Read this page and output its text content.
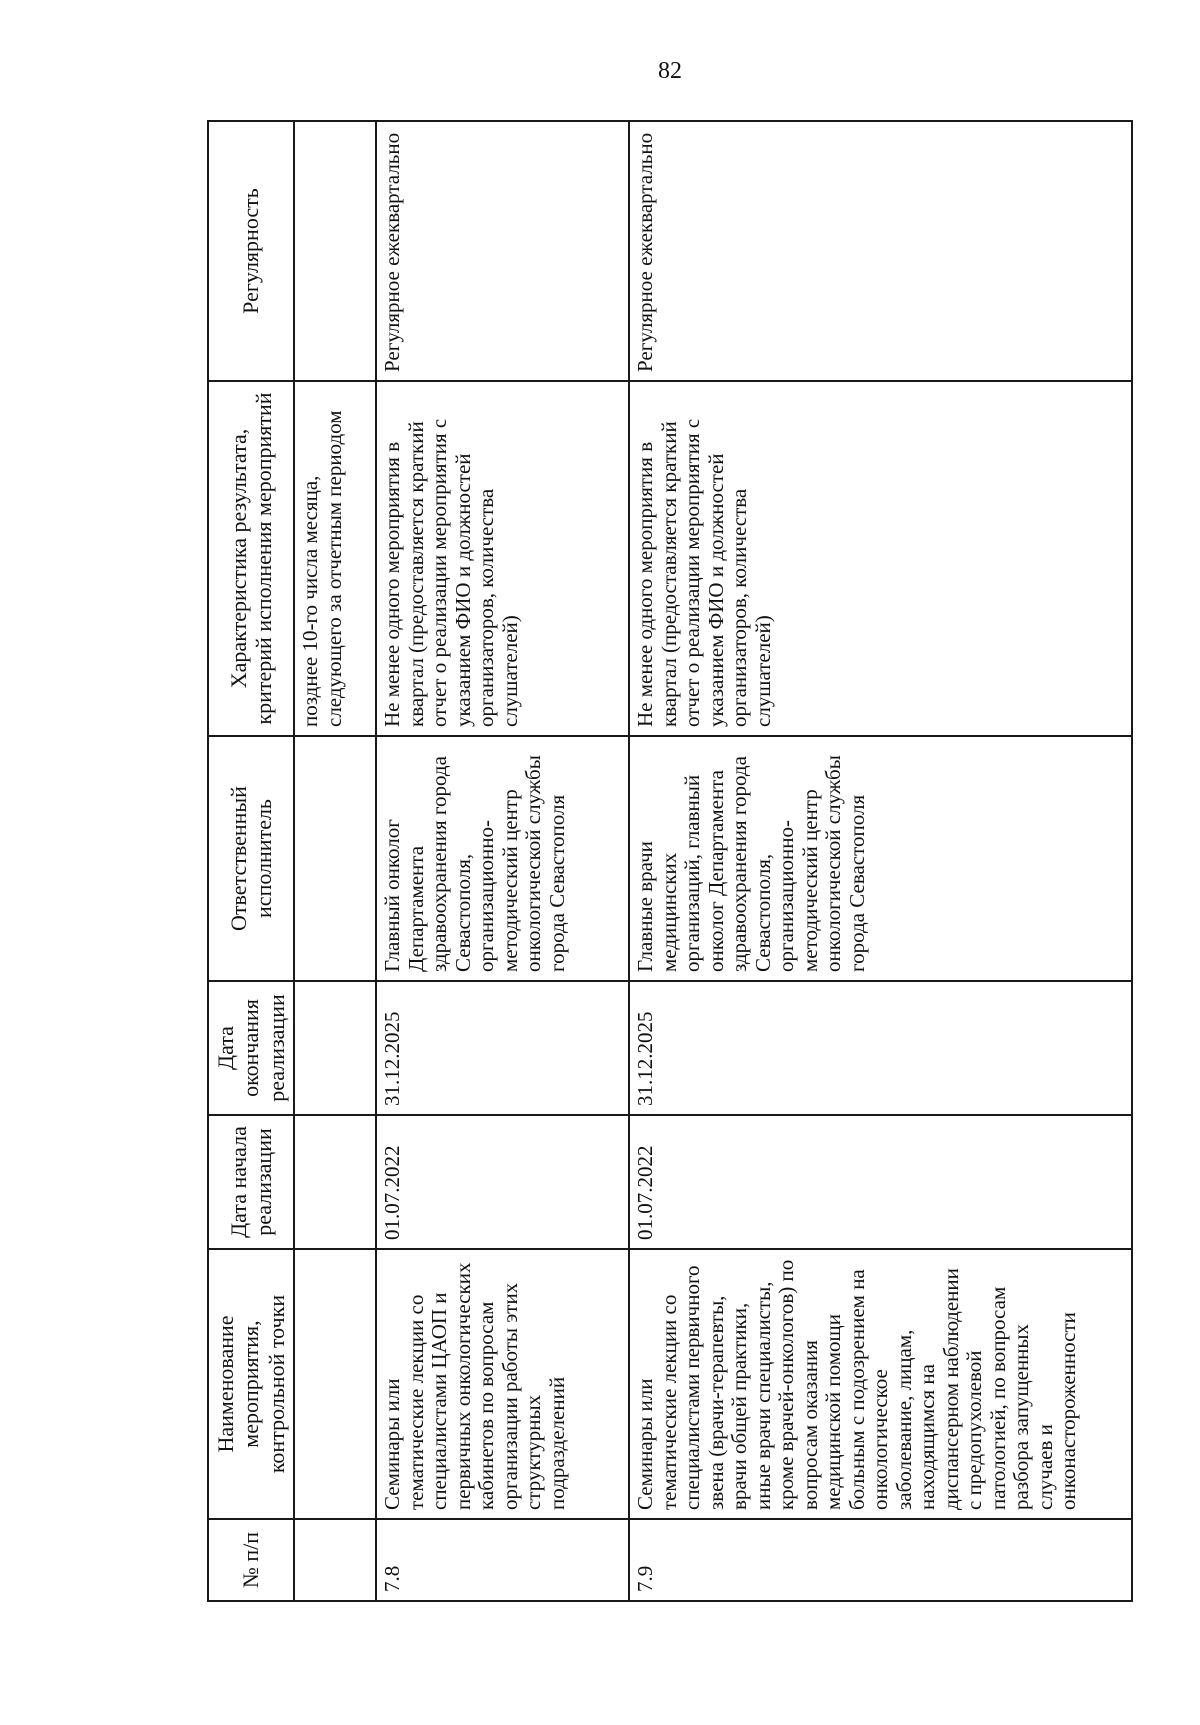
82
№ п/п	Наименование мероприятия, контрольной точки	Дата начала реализации	Дата окончания реализации	Ответственный исполнитель	Характеристика результата, критерий исполнения мероприятий	Регулярность
					позднее 10-го числа месяца, следующего за отчетным периодом	
7.8	Семинары или тематические лекции со специалистами ЦАОП и первичных онкологических кабинетов по вопросам организации работы этих структурных подразделений	01.07.2022	31.12.2025	Главный онколог Департамента здравоохранения города Севастополя, организационно-методический центр онкологической службы города Севастополя	Не менее одного мероприятия в квартал (предоставляется краткий отчет о реализации мероприятия с указанием ФИО и должностей организаторов, количества слушателей)	Регулярное ежеквартально
7.9	Семинары или тематические лекции со специалистами первичного звена (врачи-терапевты, врачи общей практики, иные врачи специалисты, кроме врачей-онкологов) по вопросам оказания медицинской помощи больным с подозрением на онкологическое заболевание, лицам, находящимся на диспансерном наблюдении с предопухолевой патологией, по вопросам разбора запущенных случаев и онконастороженности	01.07.2022	31.12.2025	Главные врачи медицинских организаций, главный онколог Департамента здравоохранения города Севастополя, организационно-методический центр онкологической службы города Севастополя	Не менее одного мероприятия в квартал (предоставляется краткий отчет о реализации мероприятия с указанием ФИО и должностей организаторов, количества слушателей)	Регулярное ежеквартально
